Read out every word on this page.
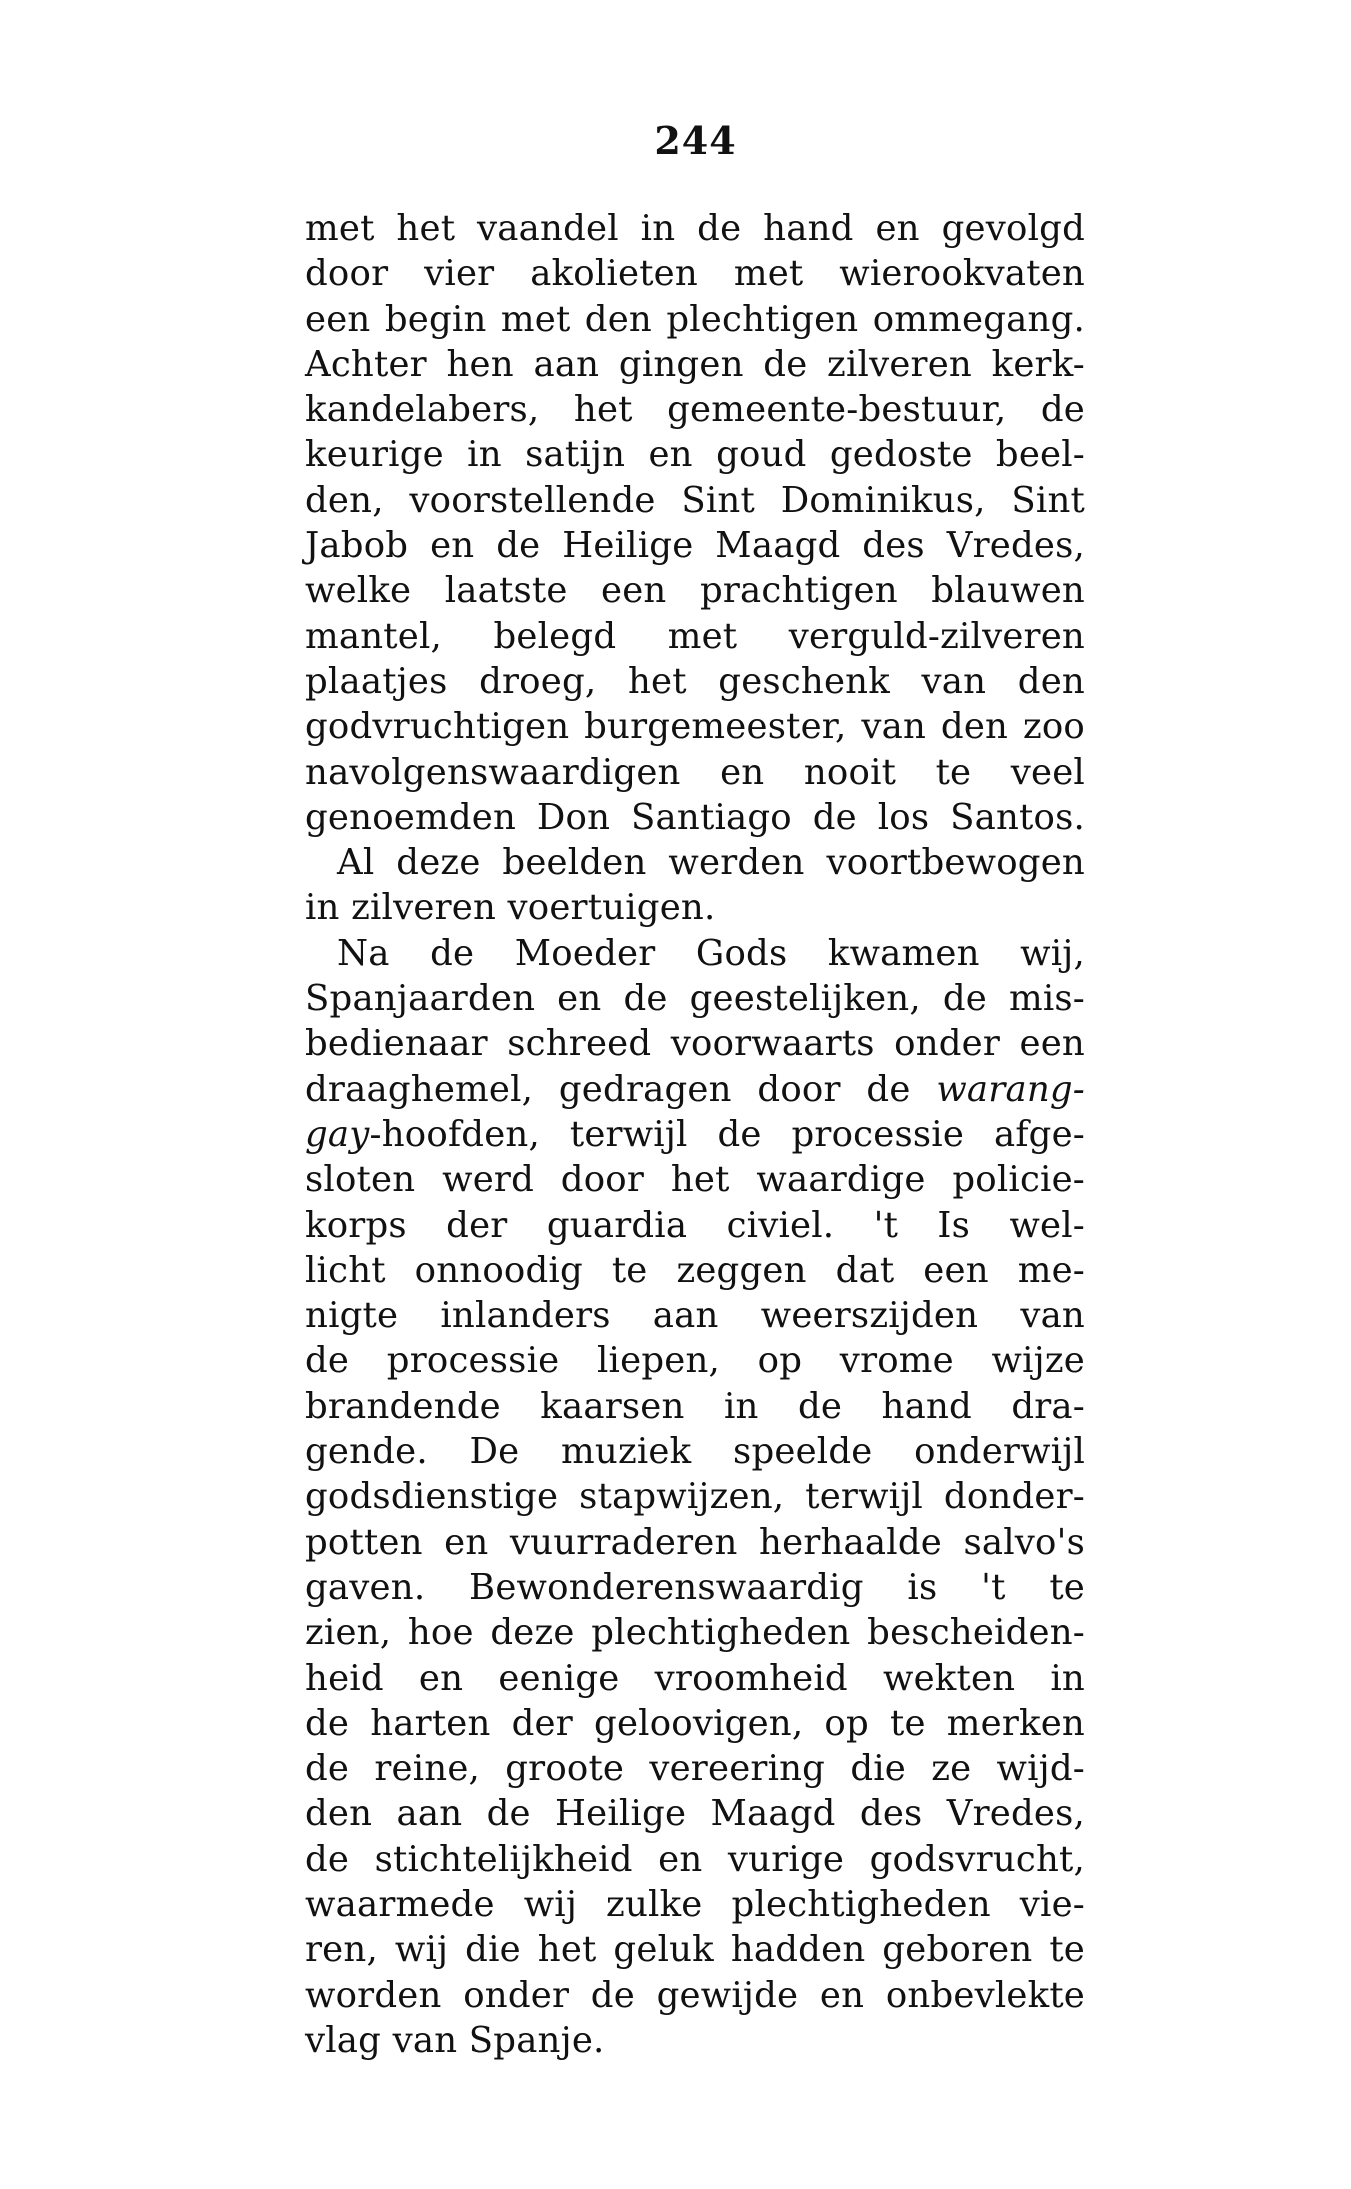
244
met het vaandel in de hand en gevolgd
door vier akolieten met wierookvaten
een begin met den plechtigen ommegang.
Achter hen aan gingen de zilveren kerk-
kandelabers, het gemeente-bestuur, de
keurige in satijn en goud gedoste beel-
den, voorstellende Sint Dominikus, Sint
Jabob en de Heilige Maagd des Vredes,
welke laatste een prachtigen blauwen
mantel, belegd met verguld-zilveren
plaatjes droeg, het geschenk van den
godvruchtigen burgemeester, van den zoo
navolgenswaardigen en nooit te veel
genoemden Don Santiago de los Santos.
Al deze beelden werden voortbewogen
in zilveren voertuigen.
Na de Moeder Gods kwamen wij,
Spanjaarden en de geestelijken, de mis-
bedienaar schreed voorwaarts onder een
draaghemel, gedragen door de warang-
gay-hoofden, terwijl de processie afge-
sloten werd door het waardige policie-
korps der guardia civiel. 't Is wel-
licht onnoodig te zeggen dat een me-
nigte inlanders aan weerszijden van
de processie liepen, op vrome wijze
brandende kaarsen in de hand dra-
gende. De muziek speelde onderwijl
godsdienstige stapwijzen, terwijl donder-
potten en vuurraderen herhaalde salvo's
gaven. Bewonderenswaardig is 't te
zien, hoe deze plechtigheden bescheiden-
heid en eenige vroomheid wekten in
de harten der geloovigen, op te merken
de reine, groote vereering die ze wijd-
den aan de Heilige Maagd des Vredes,
de stichtelijkheid en vurige godsvrucht,
waarmede wij zulke plechtigheden vie-
ren, wij die het geluk hadden geboren te
worden onder de gewijde en onbevlekte
vlag van Spanje.
